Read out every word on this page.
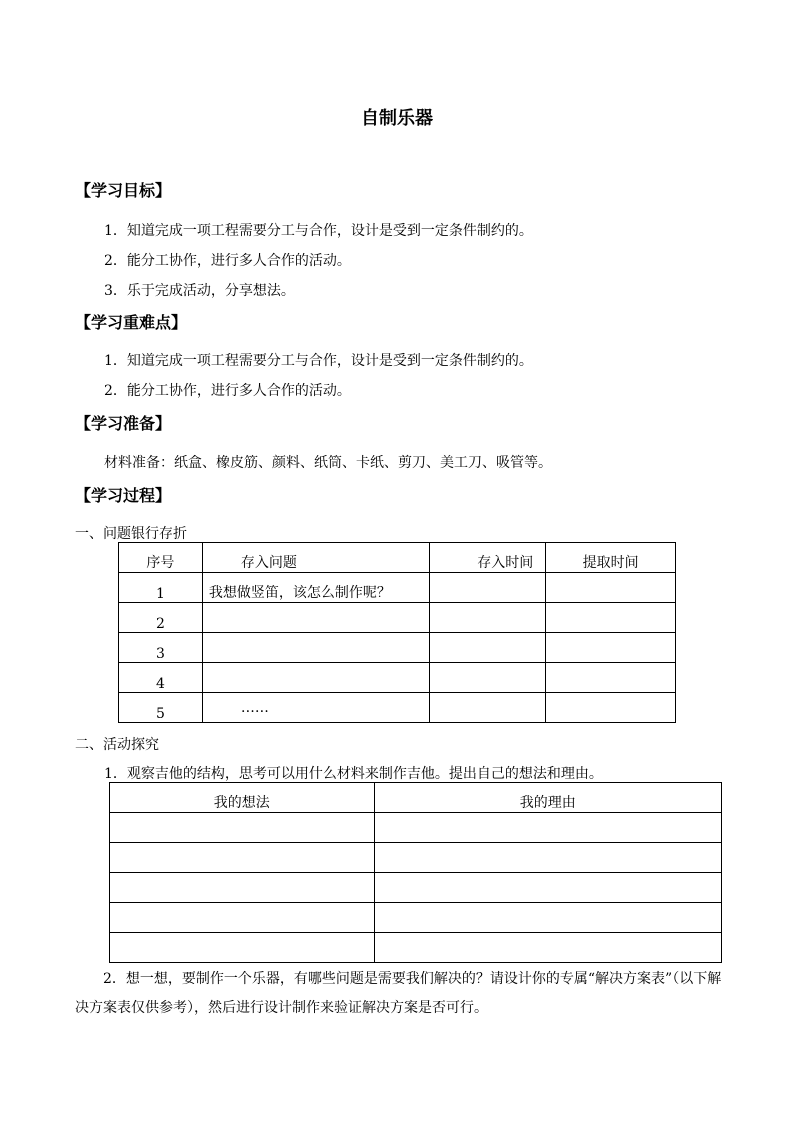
自制乐器
【学习目标】
1．知道完成一项工程需要分工与合作，设计是受到一定条件制约的。
2．能分工协作，进行多人合作的活动。
3．乐于完成活动，分享想法。
【学习重难点】
1．知道完成一项工程需要分工与合作，设计是受到一定条件制约的。
2．能分工协作，进行多人合作的活动。
【学习准备】
材料准备：纸盒、橡皮筋、颜料、纸筒、卡纸、剪刀、美工刀、吸管等。
【学习过程】
一、问题银行存折
序号	存入问题	存入时间	提取时间
1	我想做竖笛，该怎么制作呢？		
2			
3			
4			
5	……		
二、活动探究
1．观察吉他的结构，思考可以用什么材料来制作吉他。提出自己的想法和理由。
我的想法	我的理由

2．想一想，要制作一个乐器，有哪些问题是需要我们解决的？请设计你的专属“解决方案表”（以下解决方案表仅供参考），然后进行设计制作来验证解决方案是否可行。
